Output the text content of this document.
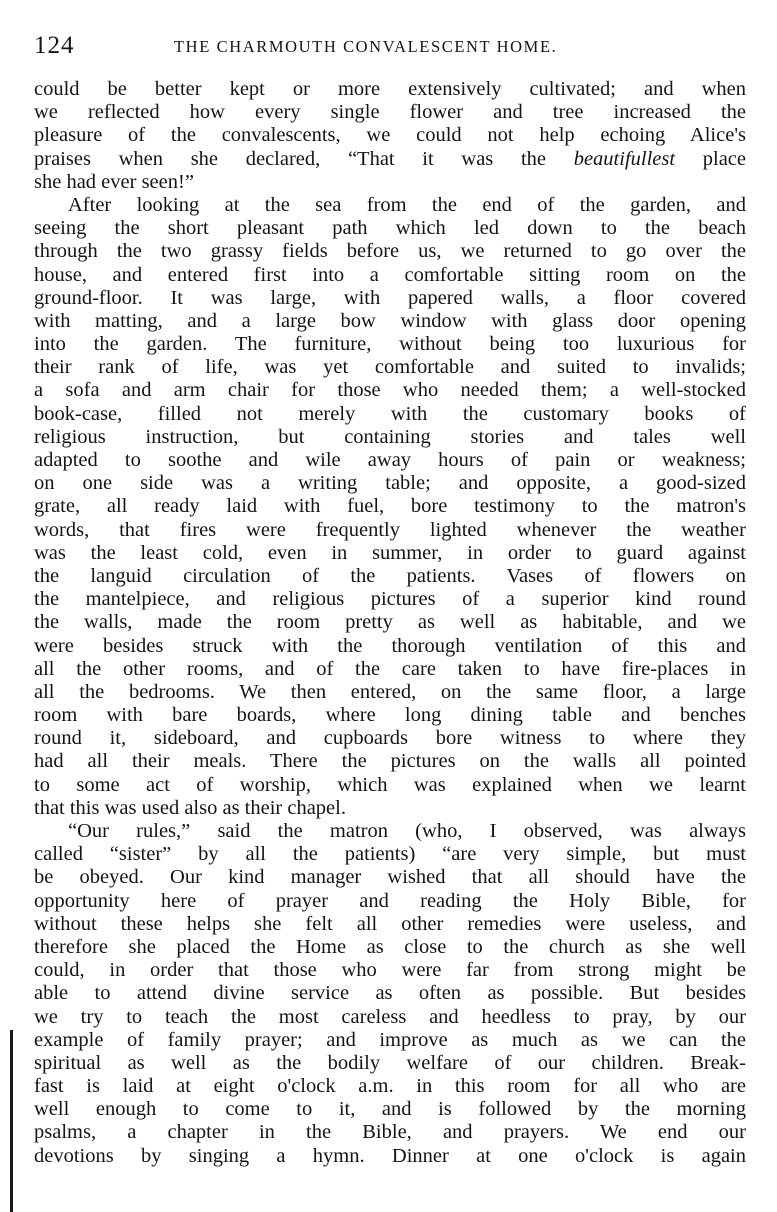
124	THE CHARMOUTH CONVALESCENT HOME.
could be better kept or more extensively cultivated; and when
we reflected how every single flower and tree increased the
pleasure of the convalescents, we could not help echoing Alice's
praises when she declared, “That it was the beautifullest place
she had ever seen!”
After looking at the sea from the end of the garden, and
seeing the short pleasant path which led down to the beach
through the two grassy fields before us, we returned to go over the
house, and entered first into a comfortable sitting room on the
ground-floor. It was large, with papered walls, a floor covered
with matting, and a large bow window with glass door opening
into the garden. The furniture, without being too luxurious for
their rank of life, was yet comfortable and suited to invalids;
a sofa and arm chair for those who needed them; a well-stocked
book-case, filled not merely with the customary books of
religious instruction, but containing stories and tales well
adapted to soothe and wile away hours of pain or weakness;
on one side was a writing table; and opposite, a good-sized
grate, all ready laid with fuel, bore testimony to the matron's
words, that fires were frequently lighted whenever the weather
was the least cold, even in summer, in order to guard against
the languid circulation of the patients. Vases of flowers on
the mantelpiece, and religious pictures of a superior kind round
the walls, made the room pretty as well as habitable, and we
were besides struck with the thorough ventilation of this and
all the other rooms, and of the care taken to have fire-places in
all the bedrooms. We then entered, on the same floor, a large
room with bare boards, where long dining table and benches
round it, sideboard, and cupboards bore witness to where they
had all their meals. There the pictures on the walls all pointed
to some act of worship, which was explained when we learnt
that this was used also as their chapel.
“Our rules,” said the matron (who, I observed, was always
called “sister” by all the patients) “are very simple, but must
be obeyed. Our kind manager wished that all should have the
opportunity here of prayer and reading the Holy Bible, for
without these helps she felt all other remedies were useless, and
therefore she placed the Home as close to the church as she well
could, in order that those who were far from strong might be
able to attend divine service as often as possible. But besides
we try to teach the most careless and heedless to pray, by our
example of family prayer; and improve as much as we can the
spiritual as well as the bodily welfare of our children. Break-
fast is laid at eight o'clock a.m. in this room for all who are
well enough to come to it, and is followed by the morning
psalms, a chapter in the Bible, and prayers. We end our
devotions by singing a hymn. Dinner at one o'clock is again
